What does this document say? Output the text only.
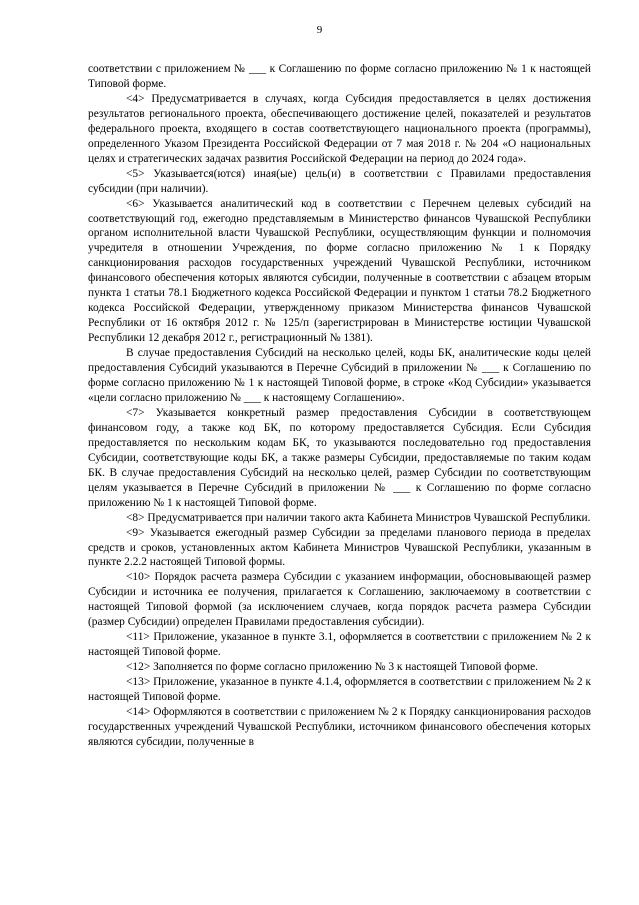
9

соответствии с приложением № ___ к Соглашению по форме согласно приложению № 1 к настоящей Типовой форме.

<4> Предусматривается в случаях, когда Субсидия предоставляется в целях достижения результатов регионального проекта, обеспечивающего достижение целей, показателей и результатов федерального проекта, входящего в состав соответствующего национального проекта (программы), определенного Указом Президента Российской Федерации от 7 мая 2018 г. № 204 «О национальных целях и стратегических задачах развития Российской Федерации на период до 2024 года».

<5> Указывается(ются) иная(ые) цель(и) в соответствии с Правилами предоставления субсидии (при наличии).

<6> Указывается аналитический код в соответствии с Перечнем целевых субсидий на соответствующий год, ежегодно представляемым в Министерство финансов Чувашской Республики органом исполнительной власти Чувашской Республики, осуществляющим функции и полномочия учредителя в отношении Учреждения, по форме согласно приложению № 1 к Порядку санкционирования расходов государственных учреждений Чувашской Республики, источником финансового обеспечения которых являются субсидии, полученные в соответствии с абзацем вторым пункта 1 статьи 78.1 Бюджетного кодекса Российской Федерации и пунктом 1 статьи 78.2 Бюджетного кодекса Российской Федерации, утвержденному приказом Министерства финансов Чувашской Республики от 16 октября 2012 г. № 125/п (зарегистрирован в Министерстве юстиции Чувашской Республики 12 декабря 2012 г., регистрационный № 1381).

В случае предоставления Субсидий на несколько целей, коды БК, аналитические коды целей предоставления Субсидий указываются в Перечне Субсидий в приложении № ___ к Соглашению по форме согласно приложению № 1 к настоящей Типовой форме, в строке «Код Субсидии» указывается «цели согласно приложению № ___ к настоящему Соглашению».

<7> Указывается конкретный размер предоставления Субсидии в соответствующем финансовом году, а также код БК, по которому предоставляется Субсидия. Если Субсидия предоставляется по нескольким кодам БК, то указываются последовательно год предоставления Субсидии, соответствующие коды БК, а также размеры Субсидии, предоставляемые по таким кодам БК. В случае предоставления Субсидий на несколько целей, размер Субсидии по соответствующим целям указывается в Перечне Субсидий в приложении № ___ к Соглашению по форме согласно приложению № 1 к настоящей Типовой форме.

<8> Предусматривается при наличии такого акта Кабинета Министров Чувашской Республики.

<9> Указывается ежегодный размер Субсидии за пределами планового периода в пределах средств и сроков, установленных актом Кабинета Министров Чувашской Республики, указанным в пункте 2.2.2 настоящей Типовой формы.

<10> Порядок расчета размера Субсидии с указанием информации, обосновывающей размер Субсидии и источника ее получения, прилагается к Соглашению, заключаемому в соответствии с настоящей Типовой формой (за исключением случаев, когда порядок расчета размера Субсидии (размер Субсидии) определен Правилами предоставления субсидии).

<11> Приложение, указанное в пункте 3.1, оформляется в соответствии с приложением № 2 к настоящей Типовой форме.

<12> Заполняется по форме согласно приложению № 3 к настоящей Типовой форме.

<13> Приложение, указанное в пункте 4.1.4, оформляется в соответствии с приложением № 2 к настоящей Типовой форме.

<14> Оформляются в соответствии с приложением № 2 к Порядку санкционирования расходов государственных учреждений Чувашской Республики, источником финансового обеспечения которых являются субсидии, полученные в
